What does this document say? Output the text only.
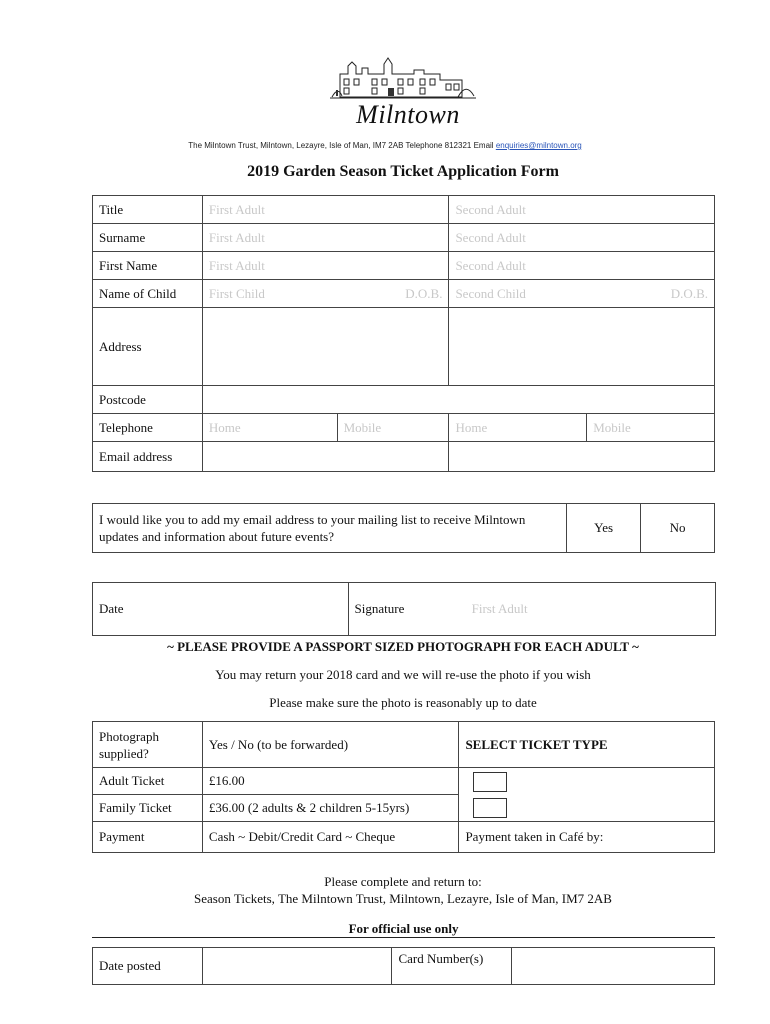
Milntown
The Milntown Trust, Milntown, Lezayre, Isle of Man, IM7 2AB Telephone 812321 Email enquiries@milntown.org
2019 Garden Season Ticket Application Form
Title	First Adult		Second Adult	
Surname	First Adult		Second Adult	
First Name	First Adult		Second Adult	
Name of Child	First Child D.O.B.		Second Child D.O.B.	

Address				
Postcode				
Telephone	Home	Mobile	Home	Mobile
Email address				
I would like you to add my email address to your mailing list to receive Milntown updates and information about future events?	Yes	No
Date	Signature	First Adult
~ PLEASE PROVIDE A PASSPORT SIZED PHOTOGRAPH FOR EACH ADULT ~
You may return your 2018 card and we will re-use the photo if you wish
Please make sure the photo is reasonably up to date
Photograph supplied?	Yes / No (to be forwarded)	SELECT TICKET TYPE
Adult Ticket	£16.00	

Family Ticket	£36.00 (2 adults & 2 children 5-15yrs)	
Payment	Cash ~ Debit/Credit Card ~ Cheque	Payment taken in Café by:
Please complete and return to:
Season Tickets, The Milntown Trust, Milntown, Lezayre, Isle of Man, IM7 2AB
For official use only
Date posted		Card Number(s)	
